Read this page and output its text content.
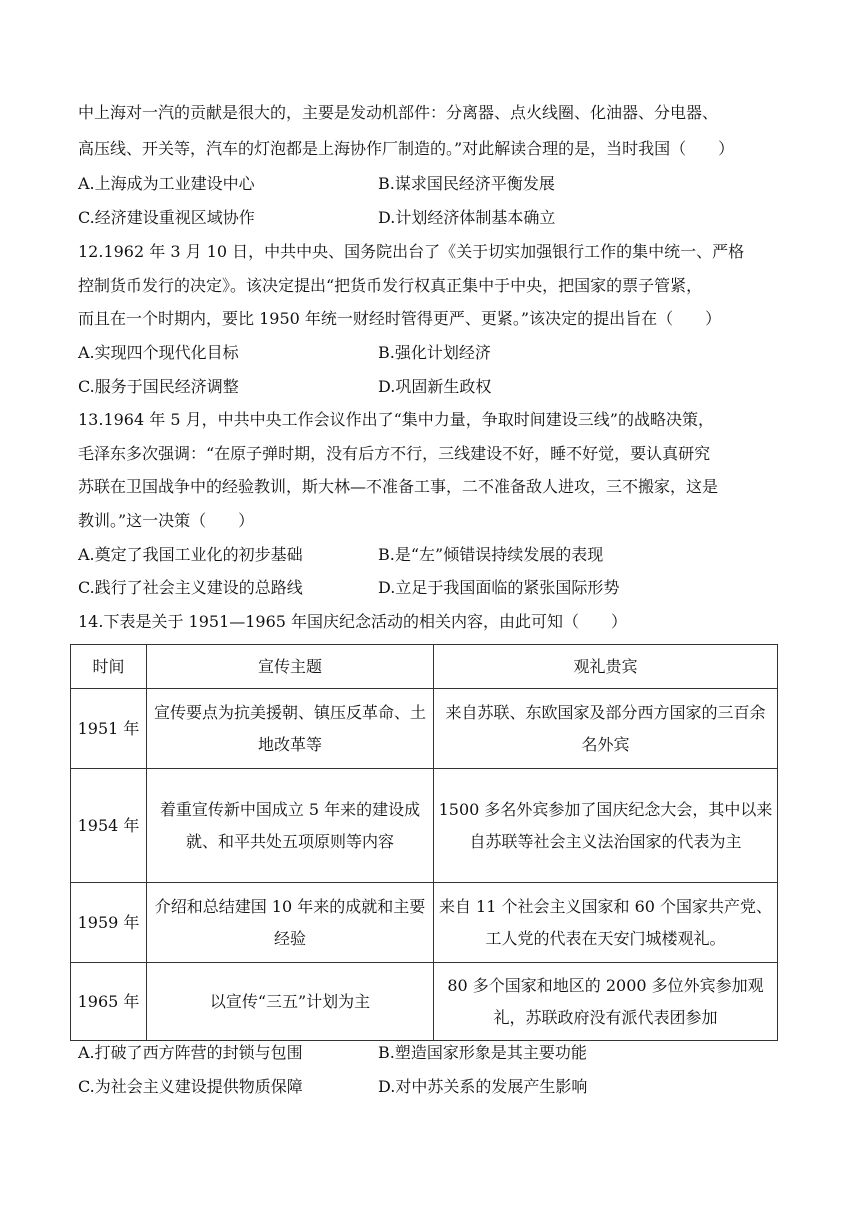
中上海对一汽的贡献是很大的，主要是发动机部件：分离器、点火线圈、化油器、分电器、
高压线、开关等，汽车的灯泡都是上海协作厂制造的。”对此解读合理的是，当时我国（　　）
A.上海成为工业建设中心	B.谋求国民经济平衡发展
C.经济建设重视区域协作	D.计划经济体制基本确立
12.1962 年 3 月 10 日，中共中央、国务院出台了《关于切实加强银行工作的集中统一、严格
控制货币发行的决定》。该决定提出“把货币发行权真正集中于中央，把国家的票子管紧，
而且在一个时期内，要比 1950 年统一财经时管得更严、更紧。”该决定的提出旨在（　　）
A.实现四个现代化目标	B.强化计划经济
C.服务于国民经济调整	D.巩固新生政权
13.1964 年 5 月，中共中央工作会议作出了“集中力量，争取时间建设三线”的战略决策，
毛泽东多次强调：“在原子弹时期，没有后方不行，三线建设不好，睡不好觉，要认真研究
苏联在卫国战争中的经验教训，斯大林—不准备工事，二不准备敌人进攻，三不搬家，这是
教训。”这一决策（　　）
A.奠定了我国工业化的初步基础	B.是“左”倾错误持续发展的表现
C.践行了社会主义建设的总路线	D.立足于我国面临的紧张国际形势
14.下表是关于 1951—1965 年国庆纪念活动的相关内容，由此可知（　　）
时间	宣传主题	观礼贵宾
1951 年	宣传要点为抗美援朝、镇压反革命、土地改革等	来自苏联、东欧国家及部分西方国家的三百余名外宾
1954 年	着重宣传新中国成立 5 年来的建设成就、和平共处五项原则等内容	1500 多名外宾参加了国庆纪念大会，其中以来自苏联等社会主义法治国家的代表为主
1959 年	介绍和总结建国 10 年来的成就和主要经验	来自 11 个社会主义国家和 60 个国家共产党、工人党的代表在天安门城楼观礼。
1965 年	以宣传“三五”计划为主	80 多个国家和地区的 2000 多位外宾参加观礼，苏联政府没有派代表团参加
A.打破了西方阵营的封锁与包围	B.塑造国家形象是其主要功能
C.为社会主义建设提供物质保障	D.对中苏关系的发展产生影响
